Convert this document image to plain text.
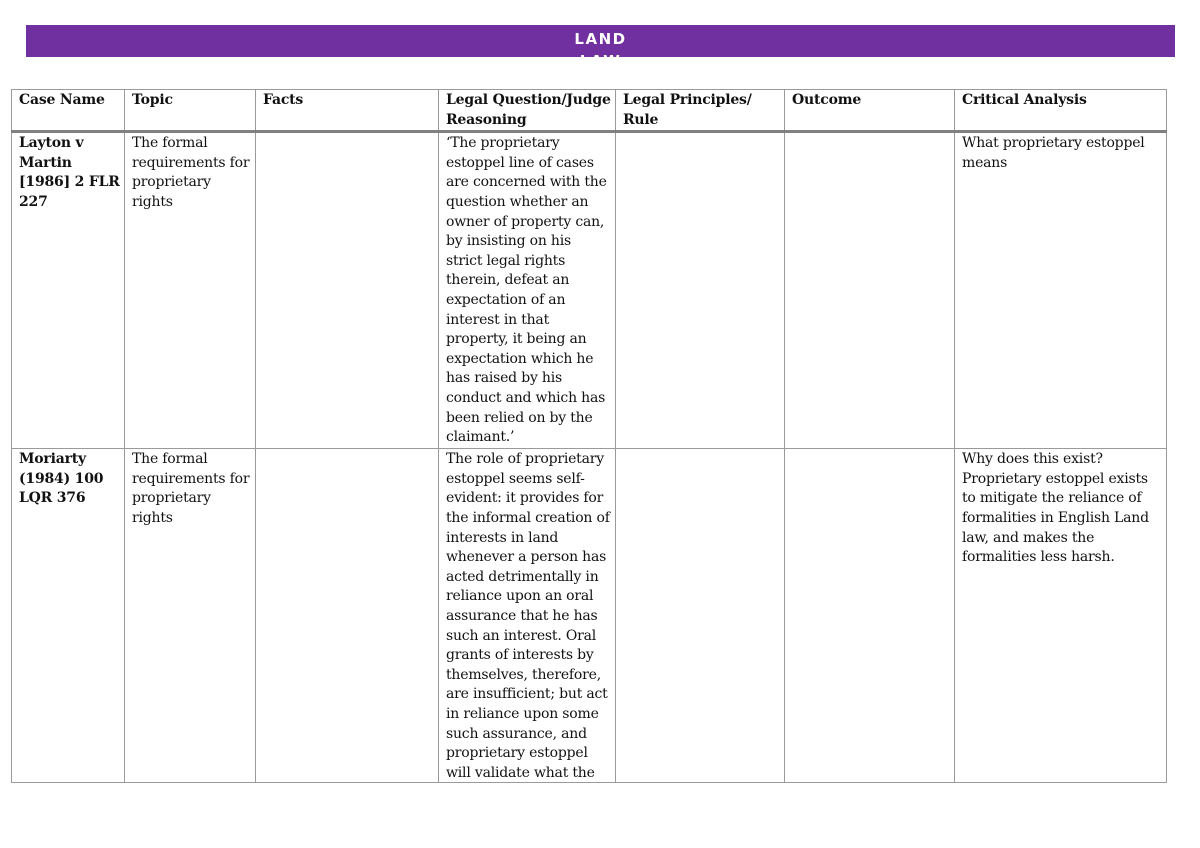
LAND
LAW
Case Name	Topic	Facts	Legal Question/Judge Reasoning	Legal Principles/ Rule	Outcome	Critical Analysis
Layton v Martin [1986] 2 FLR 227	The formal requirements for proprietary rights		‘The proprietary estoppel line of cases are concerned with the question whether an owner of property can, by insisting on his strict legal rights therein, defeat an expectation of an interest in that property, it being an expectation which he has raised by his conduct and which has been relied on by the claimant.’			What proprietary estoppel means
Moriarty (1984) 100 LQR 376	The formal requirements for proprietary rights		The role of proprietary estoppel seems self-evident: it provides for the informal creation of interests in land whenever a person has acted detrimentally in reliance upon an oral assurance that he has such an interest. Oral grants of interests by themselves, therefore, are insufficient; but act in reliance upon some such assurance, and proprietary estoppel will validate what the			Why does this exist? Proprietary estoppel exists to mitigate the reliance of formalities in English Land law, and makes the formalities less harsh.
